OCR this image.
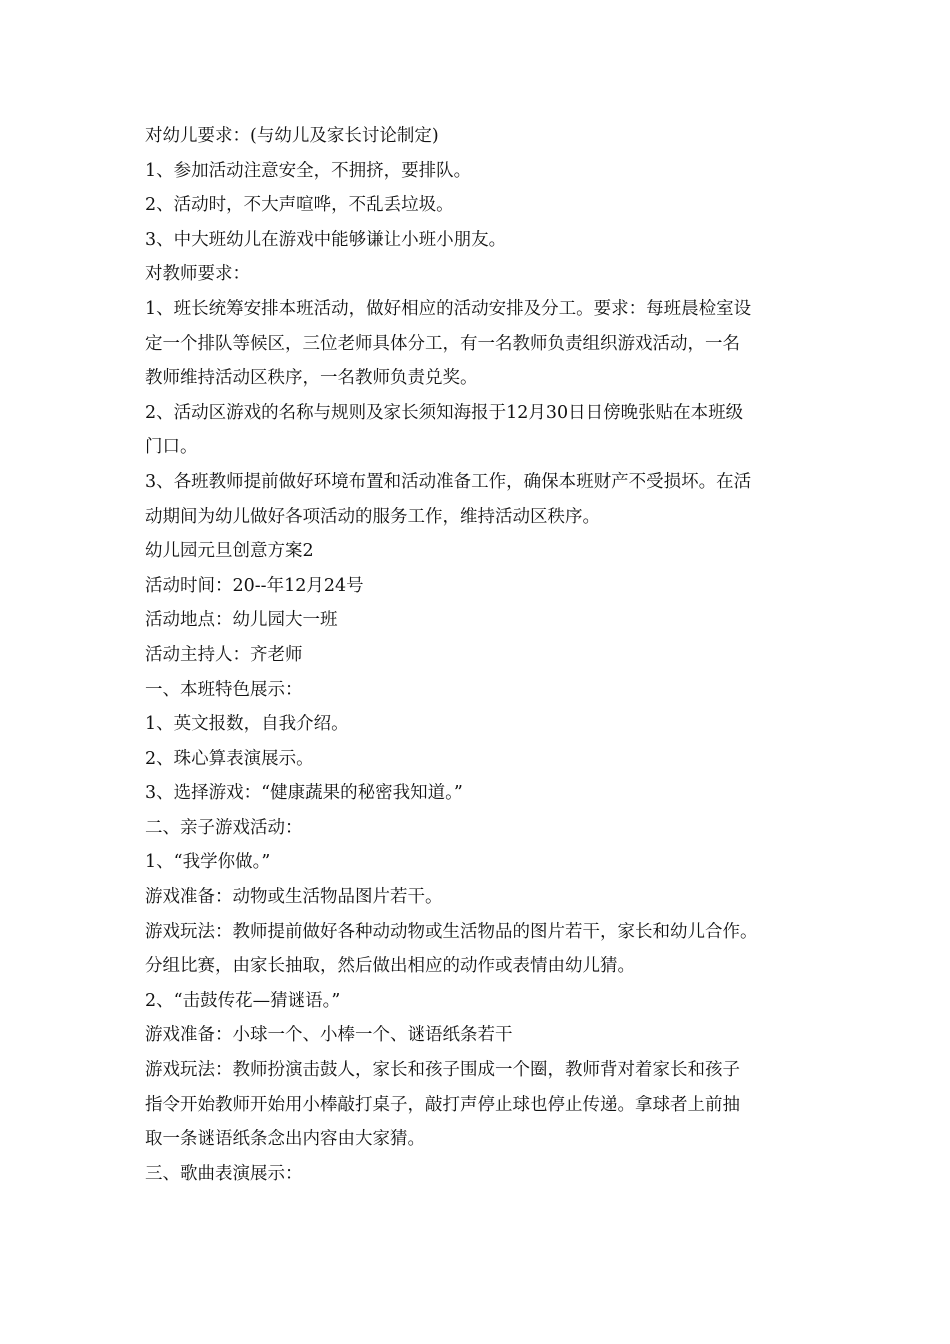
对幼儿要求：(与幼儿及家长讨论制定)
1、参加活动注意安全，不拥挤，要排队。
2、活动时，不大声喧哗，不乱丢垃圾。
3、中大班幼儿在游戏中能够谦让小班小朋友。
对教师要求：
1、班长统筹安排本班活动，做好相应的活动安排及分工。要求：每班晨检室设
定一个排队等候区，三位老师具体分工，有一名教师负责组织游戏活动，一名
教师维持活动区秩序，一名教师负责兑奖。
2、活动区游戏的名称与规则及家长须知海报于12月30日日傍晚张贴在本班级
门口。
3、各班教师提前做好环境布置和活动准备工作，确保本班财产不受损坏。在活
动期间为幼儿做好各项活动的服务工作，维持活动区秩序。
幼儿园元旦创意方案2
活动时间：20--年12月24号
活动地点：幼儿园大一班
活动主持人：齐老师
一、本班特色展示：
1、英文报数，自我介绍。
2、珠心算表演展示。
3、选择游戏：“健康蔬果的秘密我知道。”
二、亲子游戏活动：
1、“我学你做。”
游戏准备：动物或生活物品图片若干。
游戏玩法：教师提前做好各种动动物或生活物品的图片若干，家长和幼儿合作。
分组比赛，由家长抽取，然后做出相应的动作或表情由幼儿猜。
2、“击鼓传花—猜谜语。”
游戏准备：小球一个、小棒一个、谜语纸条若干
游戏玩法：教师扮演击鼓人，家长和孩子围成一个圈，教师背对着家长和孩子
指令开始教师开始用小棒敲打桌子，敲打声停止球也停止传递。拿球者上前抽
取一条谜语纸条念出内容由大家猜。
三、歌曲表演展示：
